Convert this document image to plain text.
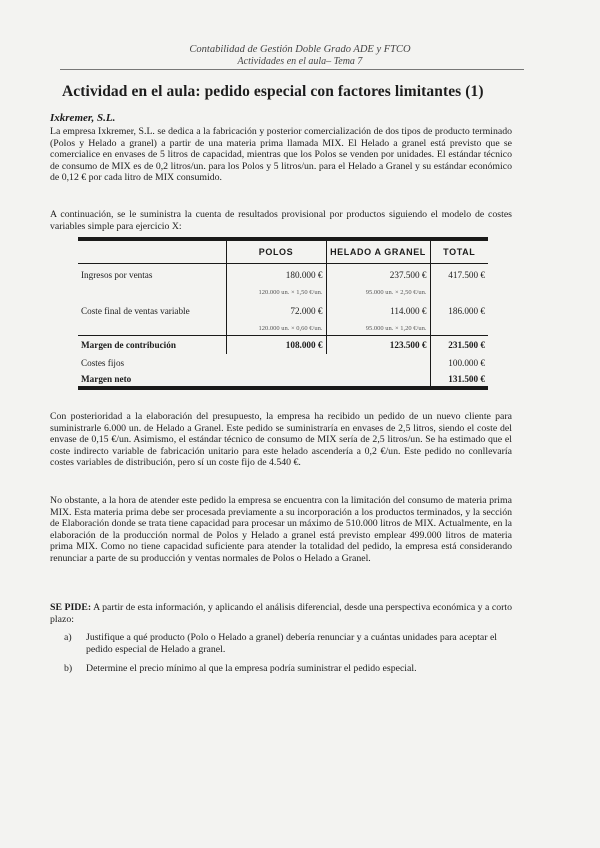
Contabilidad de Gestión Doble Grado ADE y FTCO
Actividades en el aula– Tema 7
Actividad en el aula: pedido especial con factores limitantes (1)
Ixkremer, S.L.
La empresa Ixkremer, S.L. se dedica a la fabricación y posterior comercialización de dos tipos de producto terminado (Polos y Helado a granel) a partir de una materia prima llamada MIX. El Helado a granel está previsto que se comercialice en envases de 5 litros de capacidad, mientras que los Polos se venden por unidades. El estándar técnico de consumo de MIX es de 0,2 litros/un. para los Polos y 5 litros/un. para el Helado a Granel y su estándar económico de 0,12 € por cada litro de MIX consumido.
A continuación, se le suministra la cuenta de resultados provisional por productos siguiendo el modelo de costes variables simple para ejercicio X:
	POLOS	HELADO A GRANEL	TOTAL
Ingresos por ventas	180.000 €	237.500 €	417.500 €
	120.000 un. × 1,50 €/un.	95.000 un. × 2,50 €/un.	
Coste final de ventas variable	72.000 €	114.000 €	186.000 €
	120.000 un. × 0,60 €/un.	95.000 un. × 1,20 €/un.	
Margen de contribución	108.000 €	123.500 €	231.500 €
Costes fijos			100.000 €
Margen neto			131.500 €
Con posterioridad a la elaboración del presupuesto, la empresa ha recibido un pedido de un nuevo cliente para suministrarle 6.000 un. de Helado a Granel. Este pedido se suministraría en envases de 2,5 litros, siendo el coste del envase de 0,15 €/un. Asimismo, el estándar técnico de consumo de MIX sería de 2,5 litros/un. Se ha estimado que el coste indirecto variable de fabricación unitario para este helado ascendería a 0,2 €/un. Este pedido no conllevaría costes variables de distribución, pero sí un coste fijo de 4.540 €.
No obstante, a la hora de atender este pedido la empresa se encuentra con la limitación del consumo de materia prima MIX. Esta materia prima debe ser procesada previamente a su incorporación a los productos terminados, y la sección de Elaboración donde se trata tiene capacidad para procesar un máximo de 510.000 litros de MIX. Actualmente, en la elaboración de la producción normal de Polos y Helado a granel está previsto emplear 499.000 litros de materia prima MIX. Como no tiene capacidad suficiente para atender la totalidad del pedido, la empresa está considerando renunciar a parte de su producción y ventas normales de Polos o Helado a Granel.
SE PIDE: A partir de esta información, y aplicando el análisis diferencial, desde una perspectiva económica y a corto plazo:
a)	Justifique a qué producto (Polo o Helado a granel) debería renunciar y a cuántas unidades para aceptar el pedido especial de Helado a granel.
b)	Determine el precio mínimo al que la empresa podría suministrar el pedido especial.
